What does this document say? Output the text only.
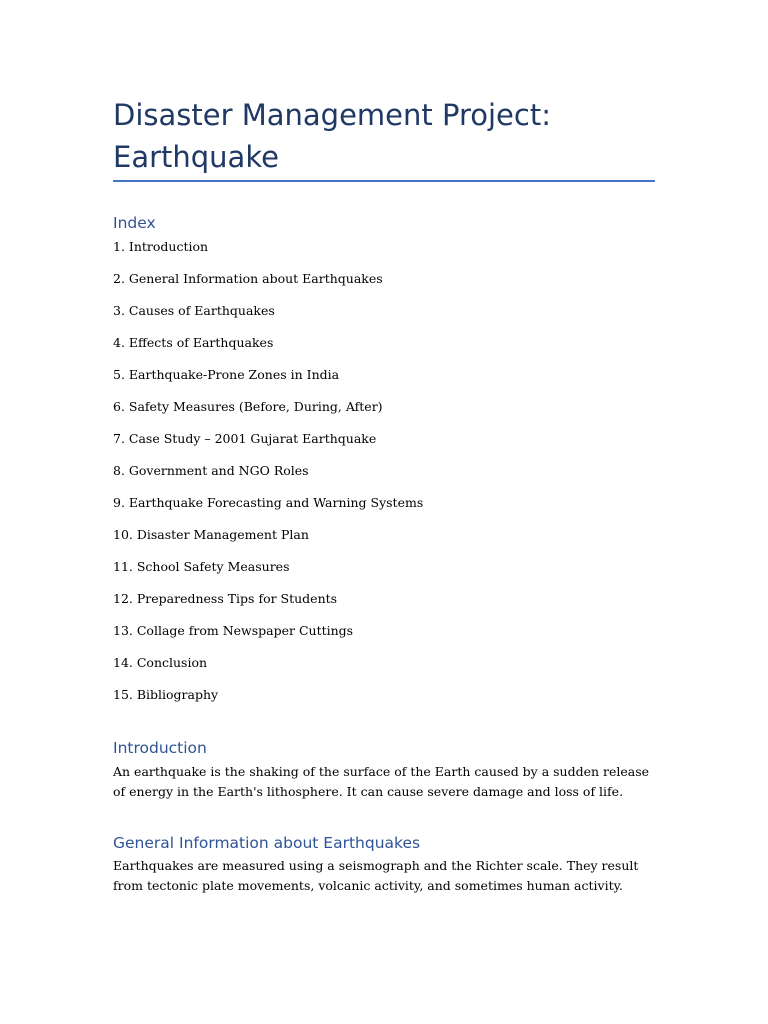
Disaster Management Project: Earthquake
Index
1. Introduction
2. General Information about Earthquakes
3. Causes of Earthquakes
4. Effects of Earthquakes
5. Earthquake-Prone Zones in India
6. Safety Measures (Before, During, After)
7. Case Study – 2001 Gujarat Earthquake
8. Government and NGO Roles
9. Earthquake Forecasting and Warning Systems
10. Disaster Management Plan
11. School Safety Measures
12. Preparedness Tips for Students
13. Collage from Newspaper Cuttings
14. Conclusion
15. Bibliography
Introduction

An earthquake is the shaking of the surface of the Earth caused by a sudden release of energy in the Earth's lithosphere. It can cause severe damage and loss of life.

General Information about Earthquakes

Earthquakes are measured using a seismograph and the Richter scale. They result from tectonic plate movements, volcanic activity, and sometimes human activity.
